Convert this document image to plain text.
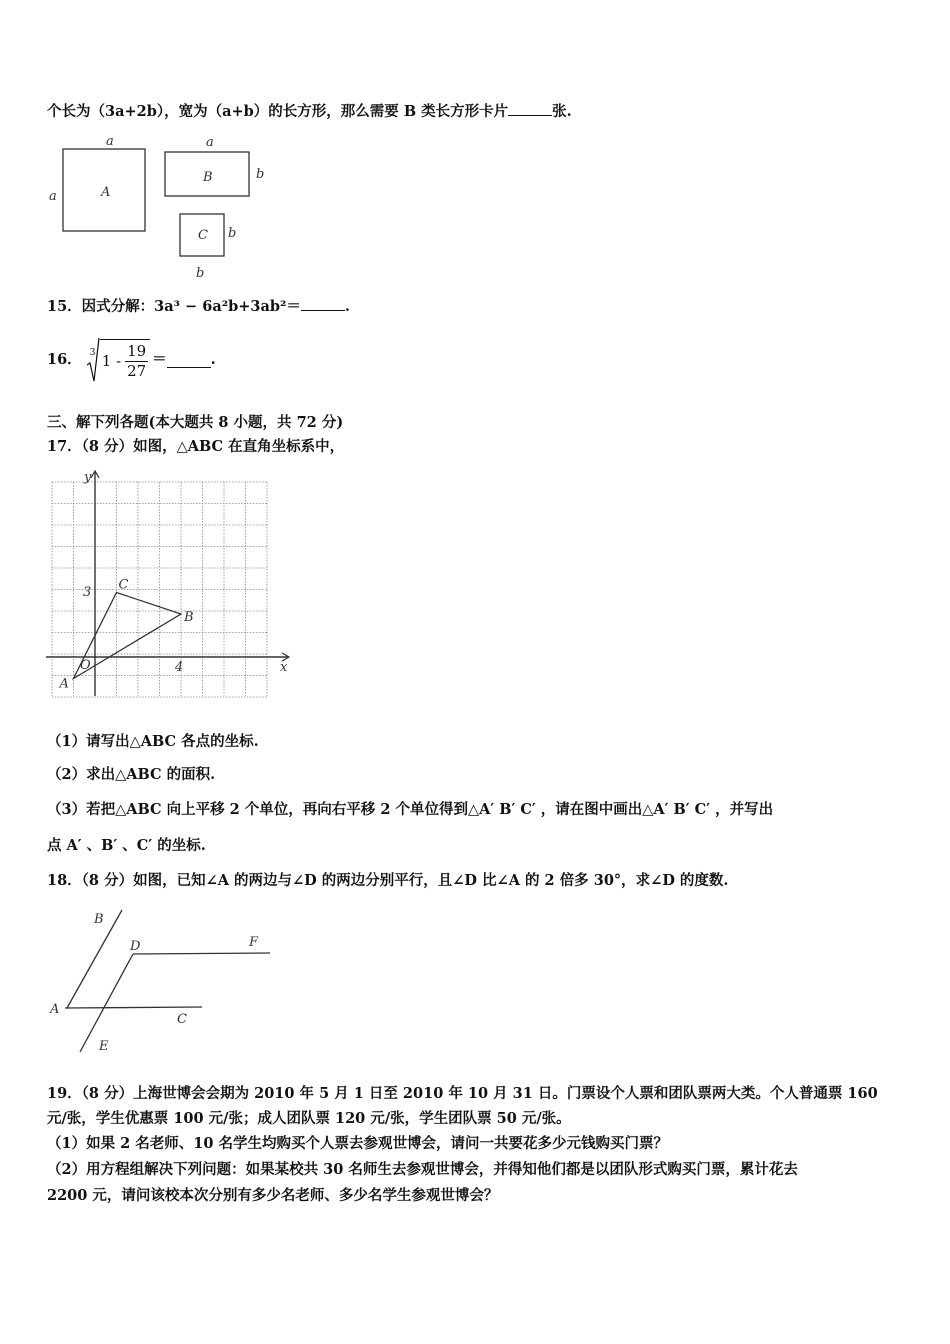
个长为（3a+2b），宽为（a+b）的长方形，那么需要 B 类长方形卡片	张.
a
a	A
a
B	b
C b
b
15．因式分解：3a³ − 6a²b+3ab²＝	.
16． 3 $1 - \frac{19}{27}$ ＝	.
三、解下列各题(本大题共 8 小题，共 72 分)
17．（8 分）如图，△ABC 在直角坐标系中，
y
x
O
3
4
A
B
C
（1）请写出△ABC 各点的坐标.
（2）求出△ABC 的面积.
（3）若把△ABC 向上平移 2 个单位，再向右平移 2 个单位得到△A′ B′ C′ ，请在图中画出△A′ B′ C′ ，并写出
点 A′ 、B′ 、C′ 的坐标.
18．（8 分）如图，已知∠A 的两边与∠D 的两边分别平行，且∠D 比∠A 的 2 倍多 30°，求∠D 的度数.
B
D	F
A
C
E
19．（8 分）上海世博会会期为 2010 年 5 月 1 日至 2010 年 10 月 31 日。门票设个人票和团队票两大类。个人普通票 160
元/张，学生优惠票 100 元/张；成人团队票 120 元/张，学生团队票 50 元/张。
（1）如果 2 名老师、10 名学生均购买个人票去参观世博会，请问一共要花多少元钱购买门票？
（2）用方程组解决下列问题：如果某校共 30 名师生去参观世博会，并得知他们都是以团队形式购买门票，累计花去
2200 元，请问该校本次分别有多少名老师、多少名学生参观世博会？
